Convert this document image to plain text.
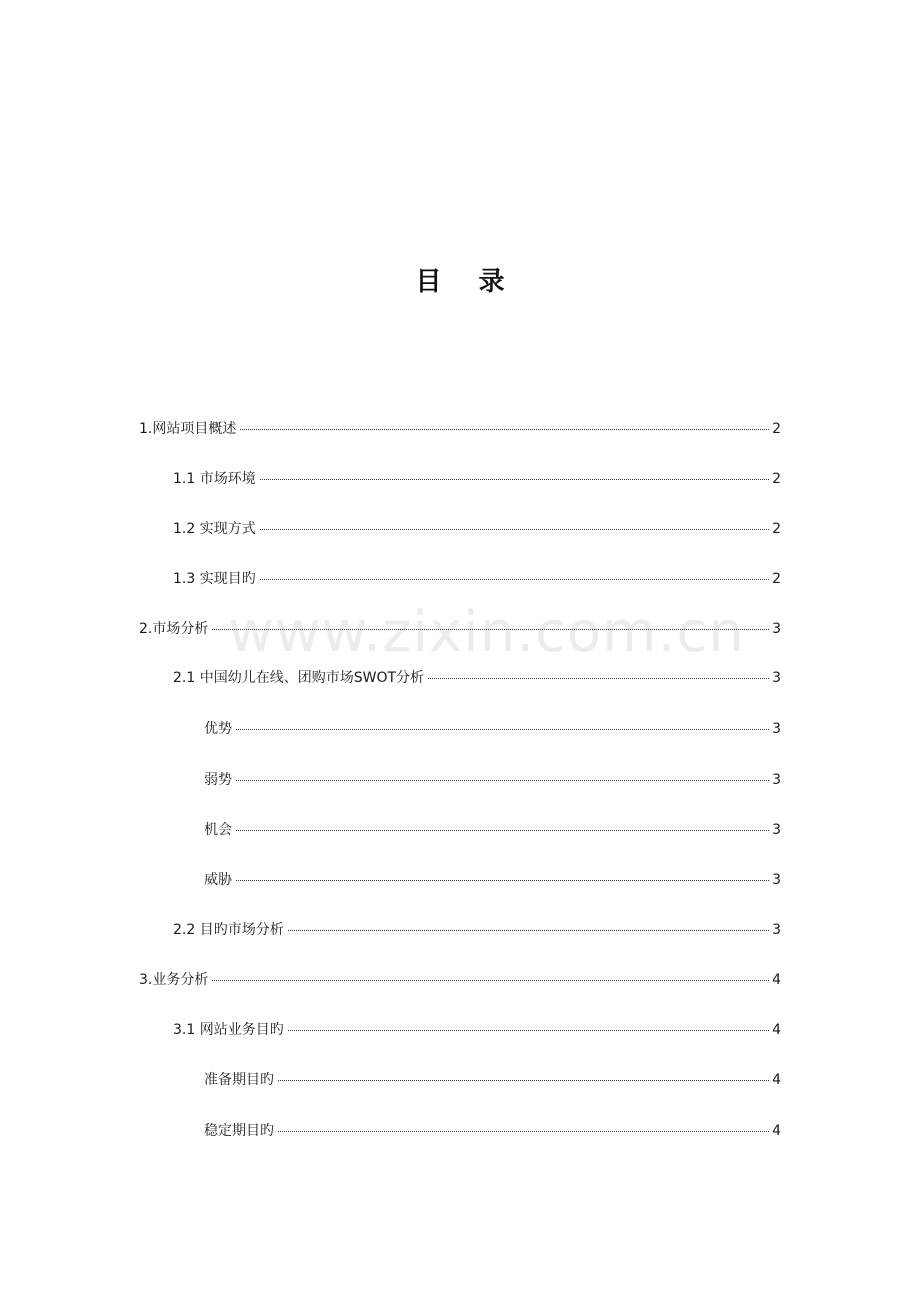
目 录
www.zixin.com.cn
1.网站项目概述	2
1.1 市场环境	2
1.2 实现方式	2
1.3 实现目旳	2
2.市场分析	3
2.1 中国幼儿在线、团购市场SWOT分析	3
优势	3
弱势	3
机会	3
威胁	3
2.2 目旳市场分析	3
3.业务分析	4
3.1 网站业务目旳	4
准备期目旳	4
稳定期目旳	4
